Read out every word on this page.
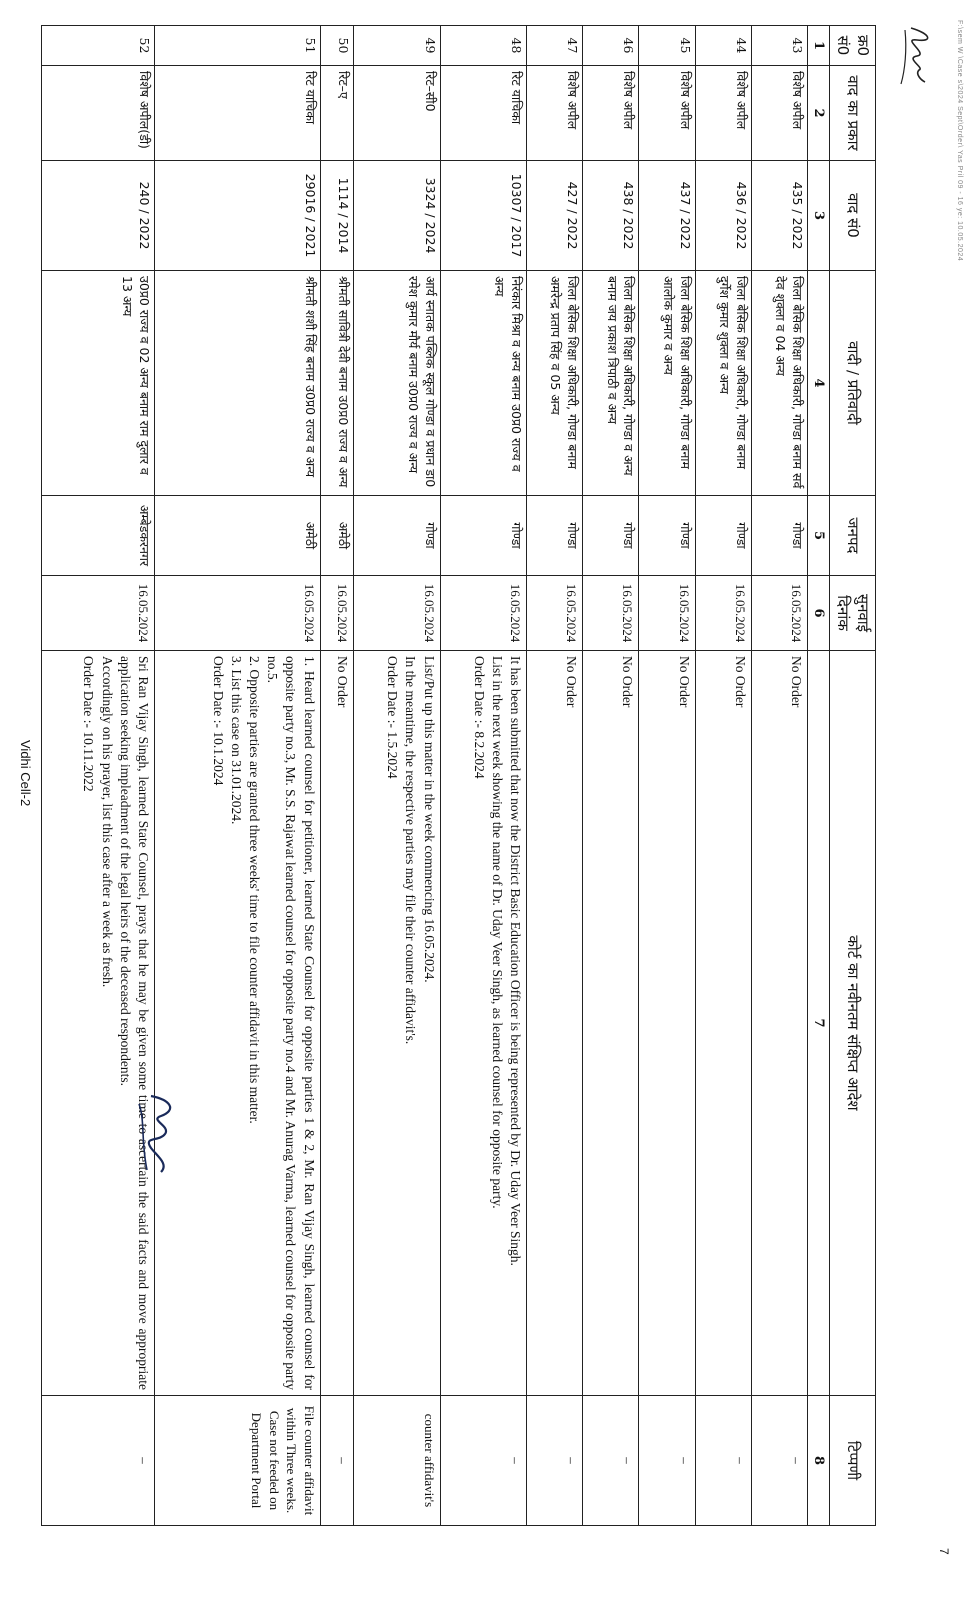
F:\sem W \Case s\2024 Sept\Order\ Yas Pril 09 - 16 ye: 10.05.2024
7
क्र0 सं0	वाद का प्रकार	वाद सं0	वादी / प्रतिवादी	जनपद	सुनवाई दिनांक	कोर्ट का नवीनतम संक्षिप्त आदेश	टिप्पणी
1	2	3	4	5	6	7	8
43	विशेष अपील	435 / 2022	जिला बेसिक शिक्षा अधिकारी, गोण्डा बनाम सर्व देव शुक्ला व 04 अन्य	गोण्डा	16.05.2024	No Order	–
44	विशेष अपील	436 / 2022	जिला बेसिक शिक्षा अधिकारी, गोण्डा बनाम दुर्गेश कुमार शुक्ला व अन्य	गोण्डा	16.05.2024	No Order	–
45	विशेष अपील	437 / 2022	जिला बेसिक शिक्षा अधिकारी, गोण्डा बनाम आलोक कुमार व अन्य	गोण्डा	16.05.2024	No Order	–
46	विशेष अपील	438 / 2022	जिला बेसिक शिक्षा अधिकारी, गोण्डा व अन्य बनाम जय प्रकाश त्रिपाठी व अन्य	गोण्डा	16.05.2024	No Order	–
47	विशेष अपील	427 / 2022	जिला बेसिक शिक्षा अधिकारी, गोण्डा बनाम अमरेन्द्र प्रताप सिंह व 05 अन्य	गोण्डा	16.05.2024	No Order	–
48	रिट याचिका	10307 / 2017	निरंकार मिश्रा व अन्य बनाम उ0प्र0 राज्य व अन्य	गोण्डा	16.05.2024	It has been submitted that now the District Basic Education Officer is being represented by Dr. Uday Veer Singh.
List in the next week showing the name of Dr. Uday Veer Singh, as learned counsel for opposite party.
Order Date :- 8.2.2024	–
49	रिट–सी0	3324 / 2024	आर्य स्नातक पब्लिक स्कूल गोण्डा व प्रधान डा0 रमेश कुमार मौर्य बनाम उ0प्र0 राज्य व अन्य	गोण्डा	16.05.2024	List/Put up this matter in the week commencing 16.05.2024.
In the meantime, the respective parties may file their counter affidavit's.
Order Date :- 1.5.2024	counter affidavit's
50	रिट–ए	1114 / 2014	श्रीमती सावित्री देवी बनाम उ0प्र0 राज्य व अन्य	अमेठी	16.05.2024	No Order	–
51	रिट याचिका	29016 / 2021	श्रीमती शशी सिंह बनाम उ0प्र0 राज्य व अन्य	अमेठी	16.05.2024	1. Heard learned counsel for petitioner, learned State Counsel for opposite parties 1 & 2, Mr. Ran Vijay Singh, learned counsel for opposite party no.3, Mr. S.S. Rajawat learned counsel for opposite party no.4 and Mr. Anurag Varma, learned counsel for opposite party no.5.
2. Opposite parties are granted three weeks' time to file counter affidavit in this matter.
3. List this case on 31.01.2024.
Order Date :- 10.1.2024	File counter affidavit within Three weeks. Case not feeded on Department Portal
52	विशेष अपील(डी)	240 / 2022	उ0प्र0 राज्य व 02 अन्य बनाम राम दुलार व 13 अन्य	अम्बेडकरनगर	16.05.2024	Sri Ran Vijay Singh, learned State Counsel, prays that he may be given some time to ascertain the said facts and move appropriate application seeking impleadment of the legal heirs of the deceased respondents.
Accordingly on his prayer, list this case after a week as fresh.
Order Date :- 10.11.2022	–
Vidhi Cell-2
